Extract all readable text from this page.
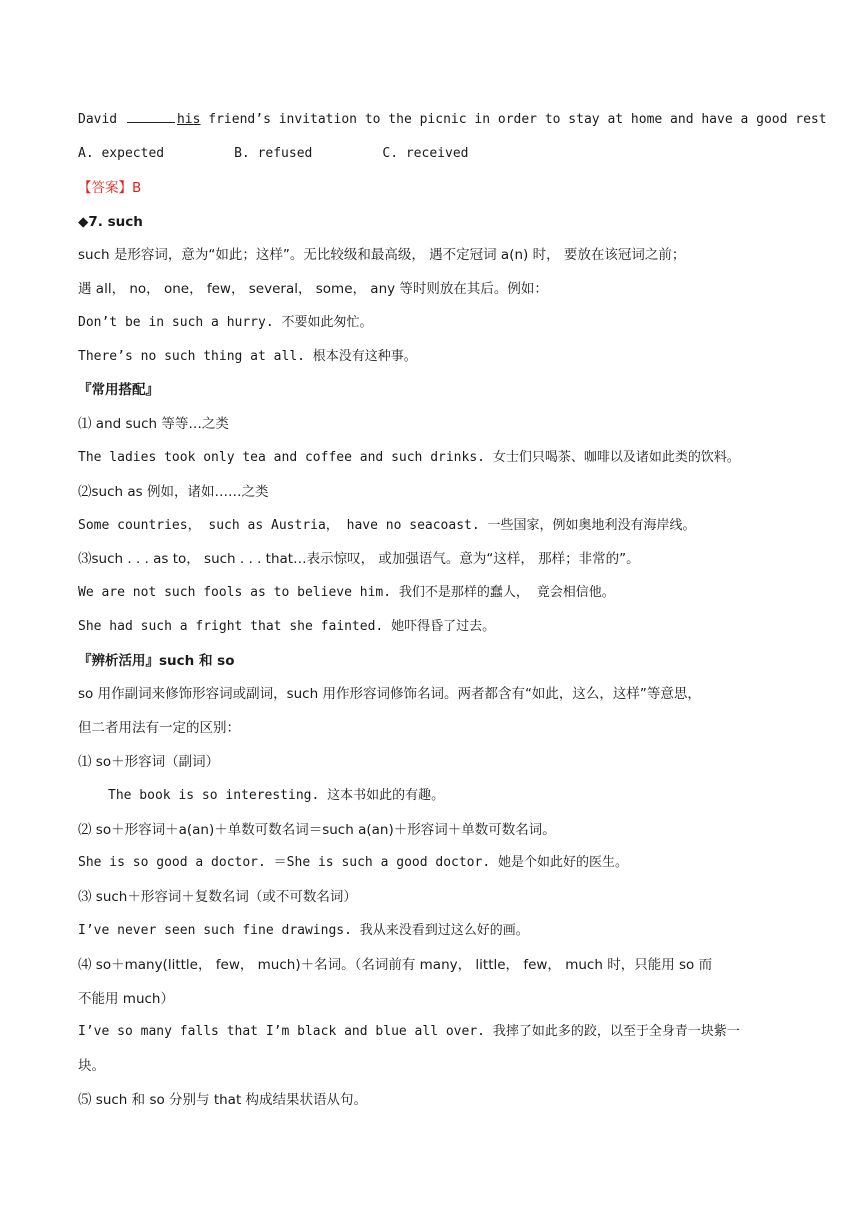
David	his friend’s invitation to the picnic in order to stay at home and have a good rest
A. expected	B. refused	C. received
【答案】B
◆7. such
such 是形容词，意为“如此；这样”。无比较级和最高级， 遇不定冠词 a(n) 时， 要放在该冠词之前；
遇 all， no， one， few， several， some， any 等时则放在其后。例如：
Don’t be in such a hurry. 不要如此匆忙。
There’s no such thing at all. 根本没有这种事。
『常用搭配』
⑴ and such 等等…之类
The ladies took only tea and coffee and such drinks. 女士们只喝茶、咖啡以及诸如此类的饮料。
⑵such as 例如，诸如……之类
Some countries， such as Austria， have no seacoast. 一些国家，例如奥地利没有海岸线。
⑶such . . . as to， such . . . that…表示惊叹， 或加强语气。意为“这样， 那样；非常的”。
We are not such fools as to believe him. 我们不是那样的蠢人， 竟会相信他。
She had such a fright that she fainted. 她吓得昏了过去。
『辨析活用』such 和 so
so 用作副词来修饰形容词或副词，such 用作形容词修饰名词。两者都含有“如此，这么，这样”等意思，
但二者用法有一定的区别：
⑴ so＋形容词（副词）
The book is so interesting. 这本书如此的有趣。
⑵ so＋形容词＋a(an)＋单数可数名词＝such a(an)＋形容词＋单数可数名词。
She is so good a doctor. ＝She is such a good doctor. 她是个如此好的医生。
⑶ such＋形容词＋复数名词（或不可数名词）
I’ve never seen such fine drawings. 我从来没看到过这么好的画。
⑷ so＋many(little， few， much)＋名词。（名词前有 many， little， few， much 时，只能用 so 而
不能用 much）
I’ve so many falls that I’m black and blue all over. 我摔了如此多的跤，以至于全身青一块紫一
块。
⑸ such 和 so 分别与 that 构成结果状语从句。
